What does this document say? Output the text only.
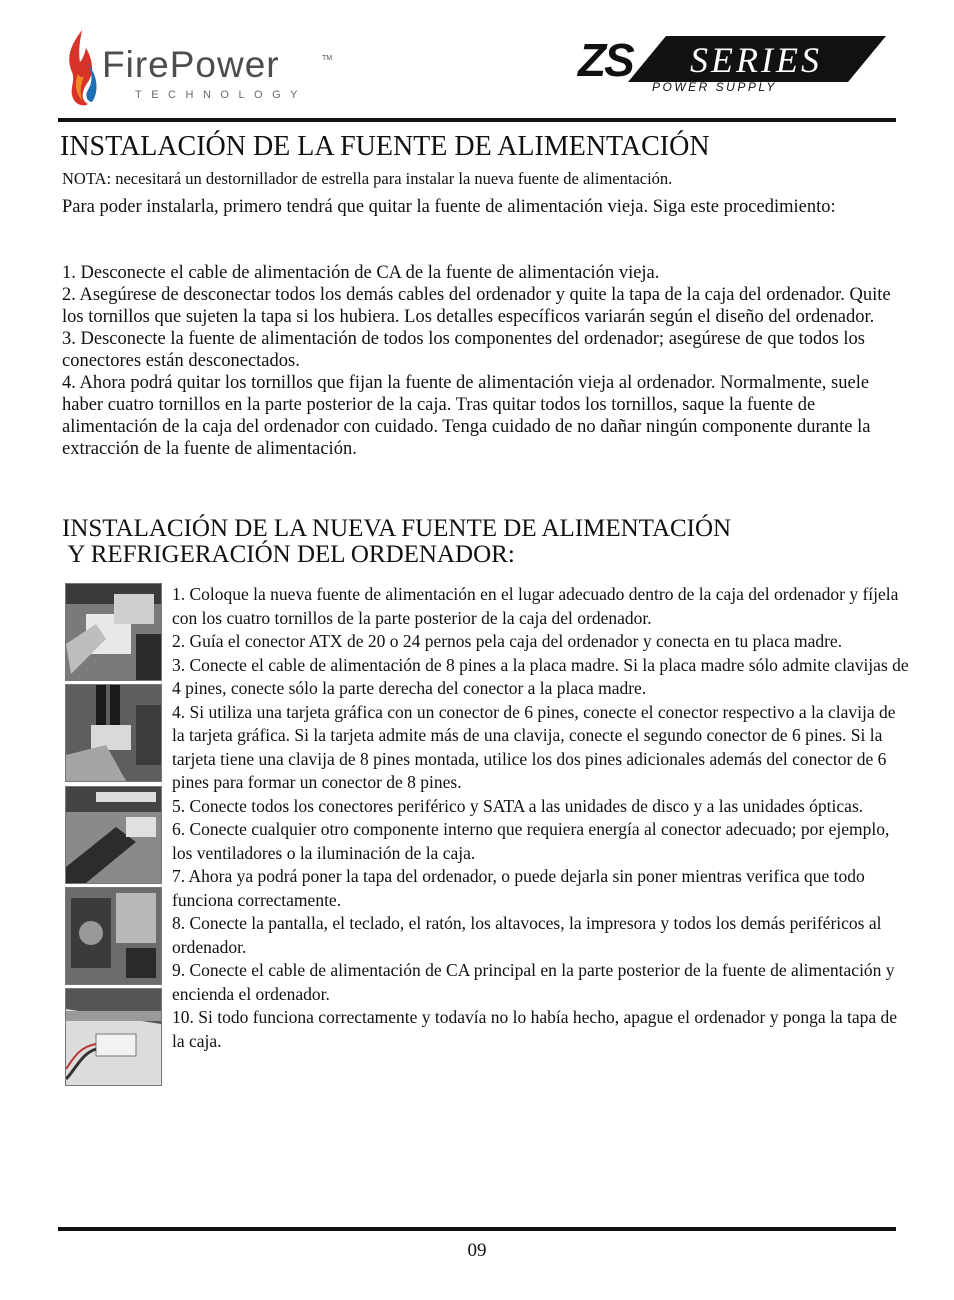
FirePower	TM
TECHNOLOGY
ZS SERIES
POWER SUPPLY
INSTALACIÓN DE LA FUENTE DE ALIMENTACIÓN
NOTA: necesitará un destornillador de estrella para instalar la nueva fuente de alimentación.

Para poder instalarla, primero tendrá que quitar la fuente de alimentación vieja. Siga este procedimiento:

1. Desconecte el cable de alimentación de CA de la fuente de alimentación vieja.
2. Asegúrese de desconectar todos los demás cables del ordenador y quite la tapa de la caja del ordenador. Quite los tornillos que sujeten la tapa si los hubiera. Los detalles específicos variarán según el diseño del ordenador.
3. Desconecte la fuente de alimentación de todos los componentes del ordenador; asegúrese de que todos los conectores están desconectados.
4. Ahora podrá quitar los tornillos que fijan la fuente de alimentación vieja al ordenador. Normalmente, suele haber cuatro tornillos en la parte posterior de la caja. Tras quitar todos los tornillos, saque la fuente de alimentación de la caja del ordenador con cuidado. Tenga cuidado de no dañar ningún componente durante la extracción de la fuente de alimentación.
INSTALACIÓN DE LA NUEVA FUENTE DE ALIMENTACIÓN
Y REFRIGERACIÓN DEL ORDENADOR:
1. Coloque la nueva fuente de alimentación en el lugar adecuado dentro de la caja del ordenador y fíjela con los cuatro tornillos de la parte posterior de la caja del ordenador.
2. Guía el conector ATX de 20 o 24 pernos pela caja del ordenador y conecta en tu placa madre.
3. Conecte el cable de alimentación de 8 pines a la placa madre. Si la placa madre sólo admite clavijas de 4 pines, conecte sólo la parte derecha del conector a la placa madre.
4. Si utiliza una tarjeta gráfica con un conector de 6 pines, conecte el conector respectivo a la clavija de la tarjeta gráfica. Si la tarjeta admite más de una clavija, conecte el segundo conector de 6 pines. Si la tarjeta tiene una clavija de 8 pines montada, utilice los dos pines adicionales además del conector de 6 pines para formar un conector de 8 pines.
5. Conecte todos los conectores periférico y SATA a las unidades de disco y a las unidades ópticas.
6. Conecte cualquier otro componente interno que requiera energía al conector adecuado; por ejemplo, los ventiladores o la iluminación de la caja.
7. Ahora ya podrá poner la tapa del ordenador, o puede dejarla sin poner mientras verifica que todo funciona correctamente.
8. Conecte la pantalla, el teclado, el ratón, los altavoces, la impresora y todos los demás periféricos al ordenador.
9. Conecte el cable de alimentación de CA principal en la parte posterior de la fuente de alimentación y encienda el ordenador.
10. Si todo funciona correctamente y todavía no lo había hecho, apague el ordenador y ponga la tapa de la caja.
09
